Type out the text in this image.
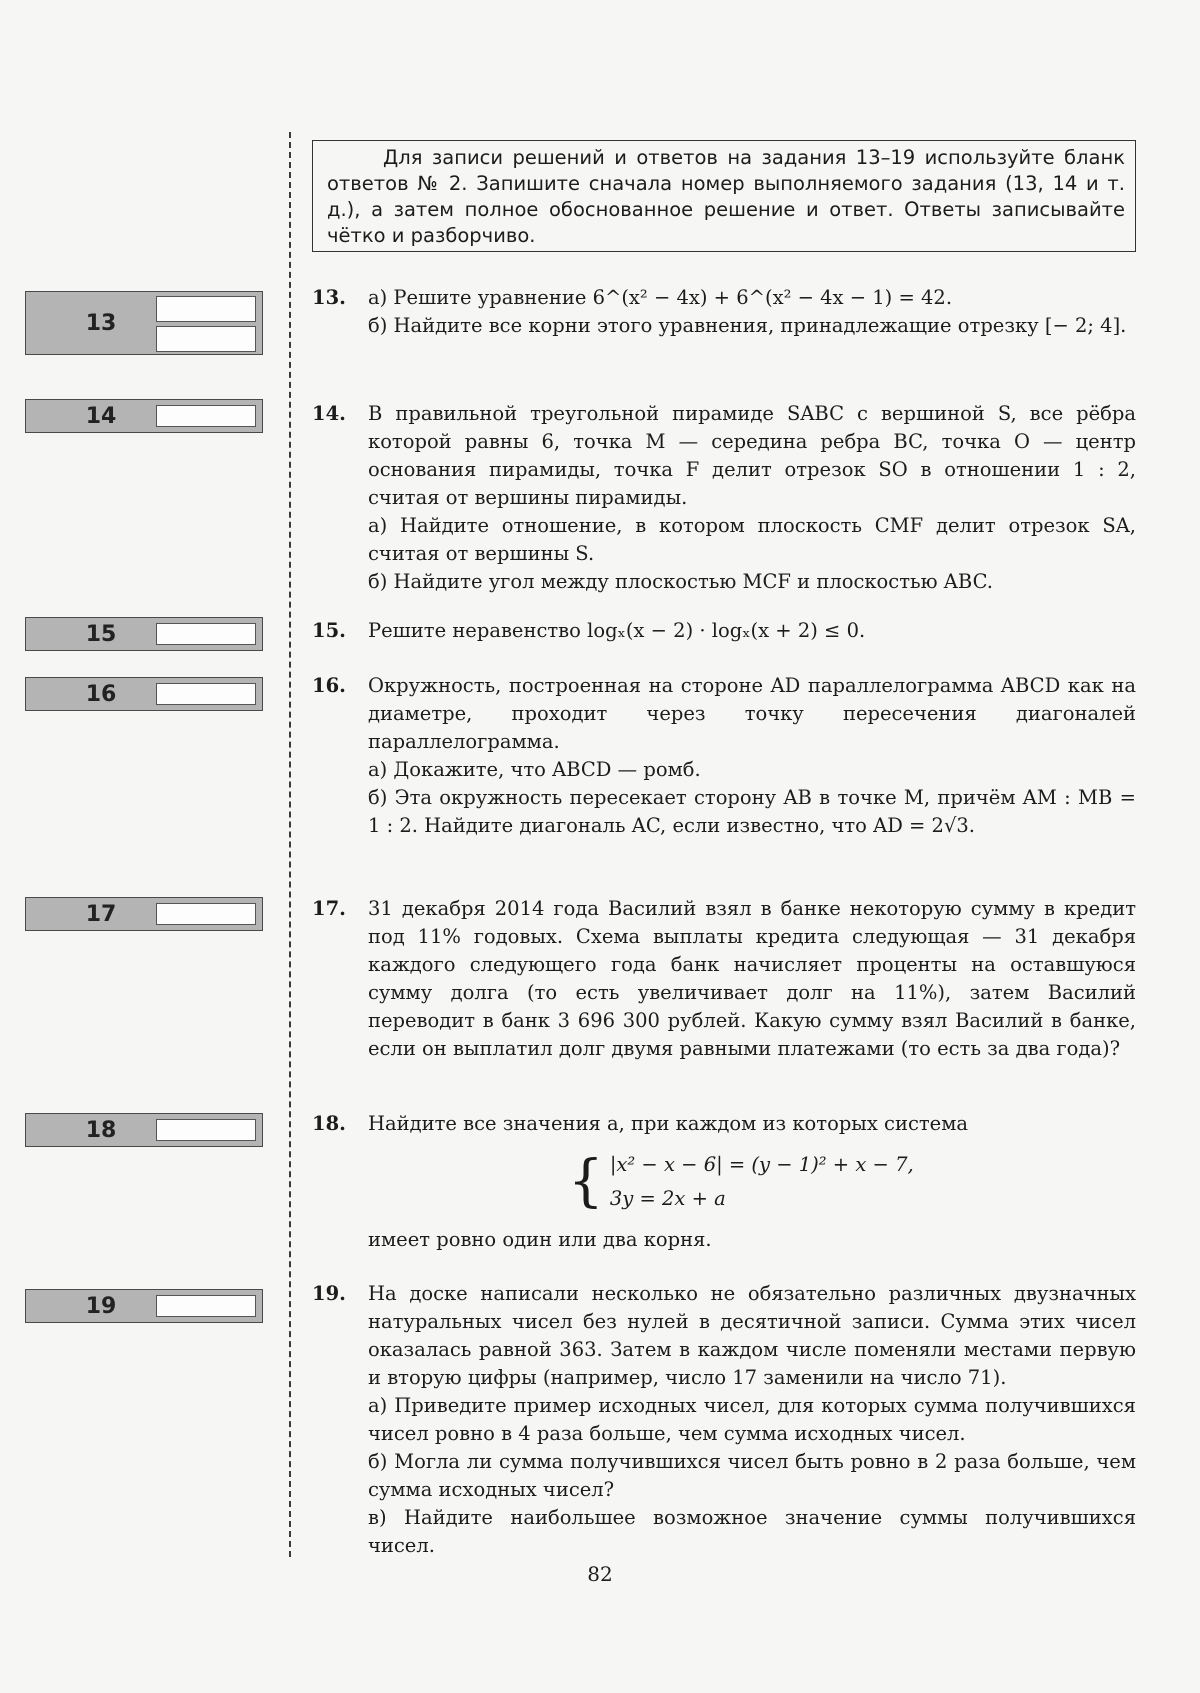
Для записи решений и ответов на задания 13–19 используйте бланк ответов № 2. Запишите сначала номер выполняемого задания (13, 14 и т. д.), а затем полное обоснованное решение и ответ. Ответы записывайте чётко и разборчиво.
13
14
15
16
17
18
19
13. а) Решите уравнение 6^(x² − 4x) + 6^(x² − 4x − 1) = 42.

б) Найдите все корни этого уравнения, принадлежащие отрезку [− 2; 4].

14. В правильной треугольной пирамиде SABC с вершиной S, все рёбра которой равны 6, точка M — середина ребра BC, точка O — центр основания пирамиды, точка F делит отрезок SO в отношении 1 : 2, считая от вершины пирамиды.

а) Найдите отношение, в котором плоскость CMF делит отрезок SA, считая от вершины S.

б) Найдите угол между плоскостью MCF и плоскостью ABC.

15. Решите неравенство logₓ(x − 2) · logₓ(x + 2) ≤ 0.

16. Окружность, построенная на стороне AD параллелограмма ABCD как на диаметре, проходит через точку пересечения диагоналей параллелограмма.

а) Докажите, что ABCD — ромб.

б) Эта окружность пересекает сторону AB в точке M, причём AM : MB = 1 : 2. Найдите диагональ AC, если известно, что AD = 2√3.

17. 31 декабря 2014 года Василий взял в банке некоторую сумму в кредит под 11% годовых. Схема выплаты кредита следующая — 31 декабря каждого следующего года банк начисляет проценты на оставшуюся сумму долга (то есть увеличивает долг на 11%), затем Василий переводит в банк 3 696 300 рублей. Какую сумму взял Василий в банке, если он выплатил долг двумя равными платежами (то есть за два года)?

18. Найдите все значения a, при каждом из которых система

{ |x² − x − 6| = (y − 1)² + x − 7,
3y = 2x + a

имеет ровно один или два корня.

19. На доске написали несколько не обязательно различных двузначных натуральных чисел без нулей в десятичной записи. Сумма этих чисел оказалась равной 363. Затем в каждом числе поменяли местами первую и вторую цифры (например, число 17 заменили на число 71).

а) Приведите пример исходных чисел, для которых сумма получившихся чисел ровно в 4 раза больше, чем сумма исходных чисел.

б) Могла ли сумма получившихся чисел быть ровно в 2 раза больше, чем сумма исходных чисел?

в) Найдите наибольшее возможное значение суммы получившихся чисел.

82
